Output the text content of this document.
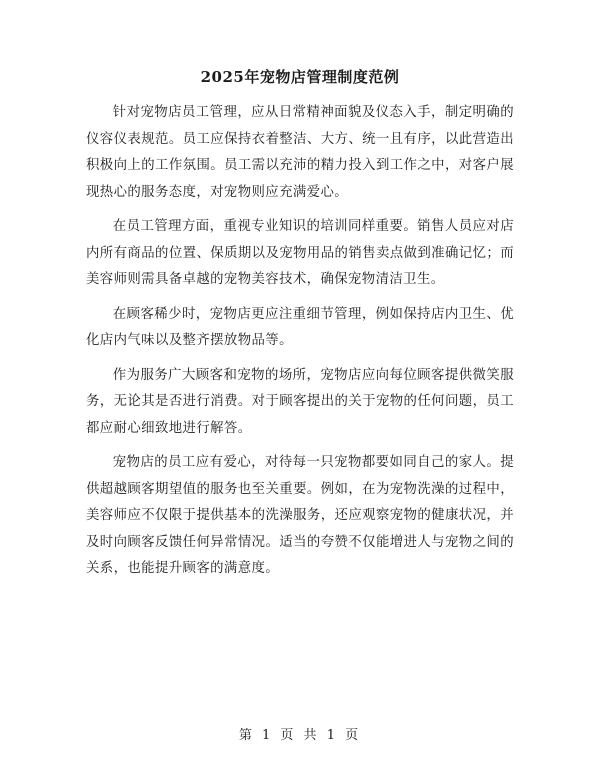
2025年宠物店管理制度范例

针对宠物店员工管理，应从日常精神面貌及仪态入手，制定明确的仪容仪表规范。员工应保持衣着整洁、大方、统一且有序，以此营造出积极向上的工作氛围。员工需以充沛的精力投入到工作之中，对客户展现热心的服务态度，对宠物则应充满爱心。

在员工管理方面，重视专业知识的培训同样重要。销售人员应对店内所有商品的位置、保质期以及宠物用品的销售卖点做到准确记忆；而美容师则需具备卓越的宠物美容技术，确保宠物清洁卫生。

在顾客稀少时，宠物店更应注重细节管理，例如保持店内卫生、优化店内气味以及整齐摆放物品等。

作为服务广大顾客和宠物的场所，宠物店应向每位顾客提供微笑服务，无论其是否进行消费。对于顾客提出的关于宠物的任何问题，员工都应耐心细致地进行解答。

宠物店的员工应有爱心，对待每一只宠物都要如同自己的家人。提供超越顾客期望值的服务也至关重要。例如，在为宠物洗澡的过程中，美容师应不仅限于提供基本的洗澡服务，还应观察宠物的健康状况，并及时向顾客反馈任何异常情况。适当的夸赞不仅能增进人与宠物之间的关系，也能提升顾客的满意度。

第 1 页 共 1 页
